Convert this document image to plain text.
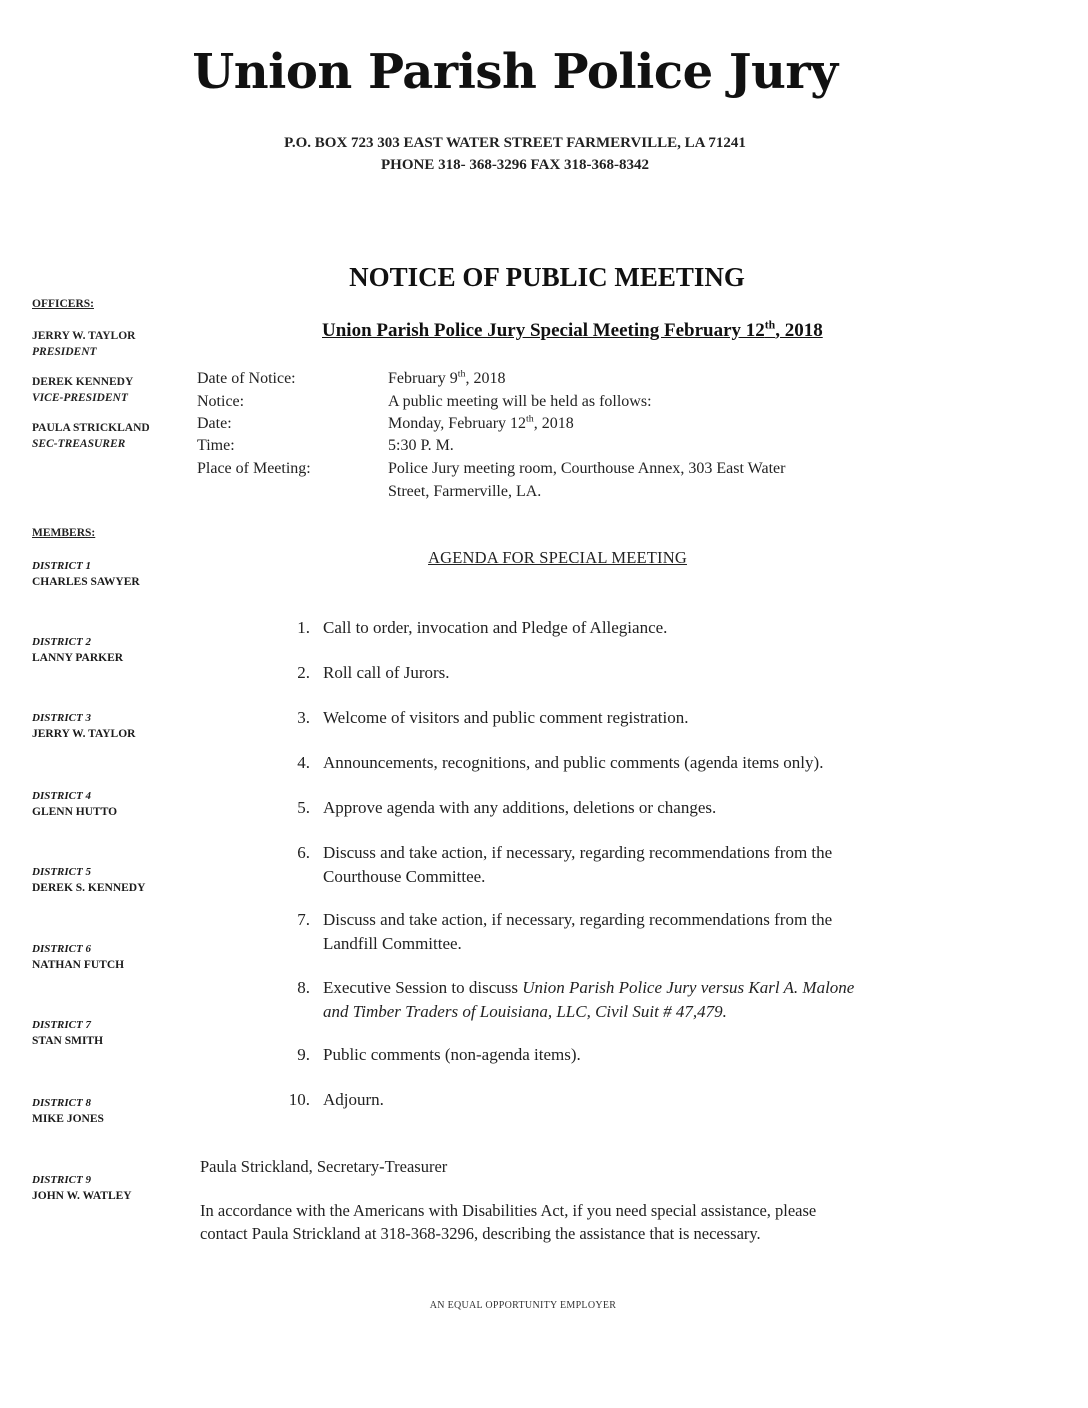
Union Parish Police Jury
P.O. BOX 723 303 EAST WATER STREET FARMERVILLE, LA 71241
PHONE 318- 368-3296 FAX 318-368-8342
NOTICE OF PUBLIC MEETING
Union Parish Police Jury Special Meeting February 12th, 2018
OFFICERS:
JERRY W. TAYLOR
PRESIDENT
DEREK KENNEDY
VICE-PRESIDENT
PAULA STRICKLAND
SEC-TREASURER
MEMBERS:
DISTRICT 1
CHARLES SAWYER
DISTRICT 2
LANNY PARKER
DISTRICT 3
JERRY W. TAYLOR
DISTRICT 4
GLENN HUTTO
DISTRICT 5
DEREK S. KENNEDY
DISTRICT 6
NATHAN FUTCH
DISTRICT 7
STAN SMITH
DISTRICT 8
MIKE JONES
DISTRICT 9
JOHN W. WATLEY
Date of Notice:	February 9th, 2018
Notice:	A public meeting will be held as follows:
Date:	Monday, February 12th, 2018
Time:	5:30 P. M.
Place of Meeting:	Police Jury meeting room, Courthouse Annex, 303 East Water
Street, Farmerville, LA.
AGENDA FOR SPECIAL MEETING
1. Call to order, invocation and Pledge of Allegiance.
2. Roll call of Jurors.
3. Welcome of visitors and public comment registration.
4. Announcements, recognitions, and public comments (agenda items only).
5. Approve agenda with any additions, deletions or changes.
6. Discuss and take action, if necessary, regarding recommendations from the
Courthouse Committee.
7. Discuss and take action, if necessary, regarding recommendations from the
Landfill Committee.
8. Executive Session to discuss Union Parish Police Jury versus Karl A. Malone
and Timber Traders of Louisiana, LLC, Civil Suit # 47,479.
9. Public comments (non-agenda items).
10. Adjourn.
Paula Strickland, Secretary-Treasurer
In accordance with the Americans with Disabilities Act, if you need special assistance, please
contact Paula Strickland at 318-368-3296, describing the assistance that is necessary.
AN EQUAL OPPORTUNITY EMPLOYER
